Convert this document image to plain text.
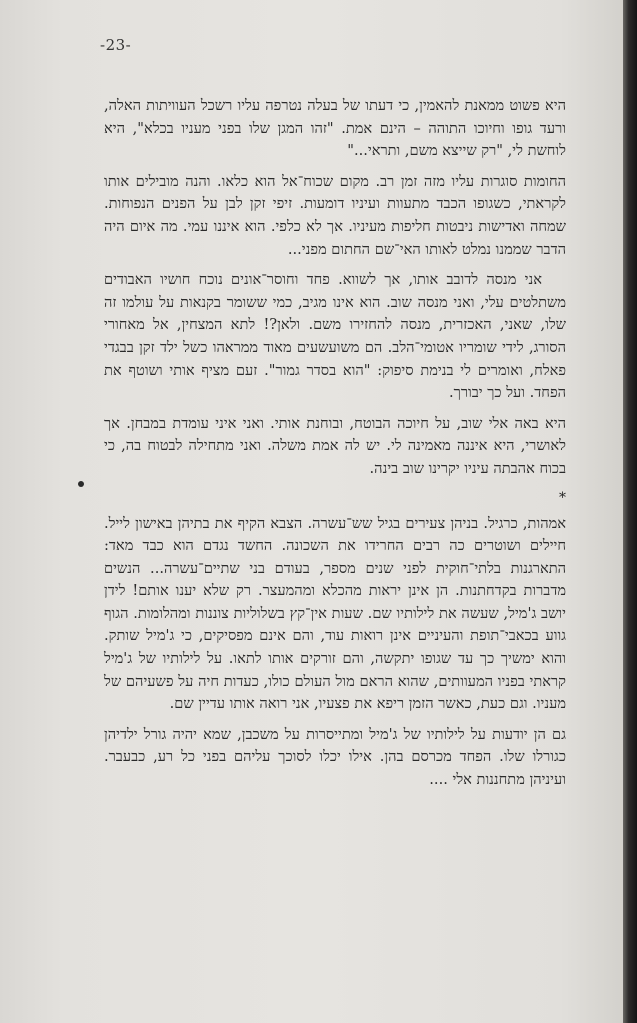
-23-

היא פשוט ממאנת להאמין, כי דעתו של בעלה נטרפה עליו רשכל העוויתות האלה, ורעד גופו וחיוכו התוהה – הינם אמת. "זהו המגן שלו בפני מעניו בכלא", היא לוחשת לי, "רק שייצא משם, ותראי..."

החומות סוגרות עליו מזה זמן רב. מקום שכוח־אל הוא כלאו. והנה מובילים אותו לקראתי, כשגופו הכבד מתעוות ועיניו דומעות. זיפי זקן לבן על הפנים הנפוחות. שמחה ואדישות ניבטות חליפות מעיניו. אך לא כלפי. הוא איננו עמי. מה איום היה הדבר שממנו נמלט לאותו האי־שם החתום מפני...

אני מנסה לדובב אותו, אך לשווא. פחד וחוסר־אונים נוכח חושיו האבודים משתלטים עלי, ואני מנסה שוב. הוא אינו מגיב, כמי ששומר בקנאות על עולמו זה שלו, שאני, האכזרית, מנסה להחזירו משם. ולאן?! לתא המצחין, אל מאחורי הסורג, לידי שומריו אטומי־הלב. הם משועשעים מאוד ממראהו כשל ילד זקן בבגדי פאלח, ואומרים לי בנימת סיפוק: "הוא בסדר גמור". זעם מציף אותי ושוטף את הפחד. ועל כך יבורך.

היא באה אלי שוב, על חיוכה הבוטח, ובוחנת אותי. ואני איני עומדת במבחן. אך לאושרי, היא איננה מאמינה לי. יש לה אמת משלה. ואני מתחילה לבטוח בה, כי בכוח אהבתה עיניו יקרינו שוב בינה.

*

אמהות, כרגיל. בניהן צעירים בגיל שש־עשרה. הצבא הקיף את בתיהן באישון לייל. חיילים ושוטרים כה רבים החרידו את השכונה. החשד נגדם הוא כבד מאד: התארגנות בלתי־חוקית לפני שנים מספר, בעודם בני שתיים־עשרה... הנשים מדברות בקדחתנות. הן אינן יראות מהכלא ומהמעצר. רק שלא יענו אותם! לידן יושב ג'מיל, שעשה את לילותיו שם. שעות אין־קץ בשלוליות צוננות ומהלומות. הגוף גווע בכאבי־תופת והעיניים אינן רואות עוד, והם אינם מפסיקים, כי ג'מיל שותק. והוא ימשיך כך עד שגופו יתקשה, והם זורקים אותו לתאו. על לילותיו של ג'מיל קראתי בפניו המעוותים, שהוא הראם מול העולם כולו, כעדות חיה על פשעיהם של מעניו. וגם כעת, כאשר הזמן ריפא את פצעיו, אני רואה אותו עדיין שם.

גם הן יודעות על לילותיו של ג'מיל ומתייסרות על משכבן, שמא יהיה גורל ילדיהן כגורלו שלו. הפחד מכרסם בהן. אילו יכלו לסוכך עליהם בפני כל רע, כבעבר. ועיניהן מתחננות אלי ....
